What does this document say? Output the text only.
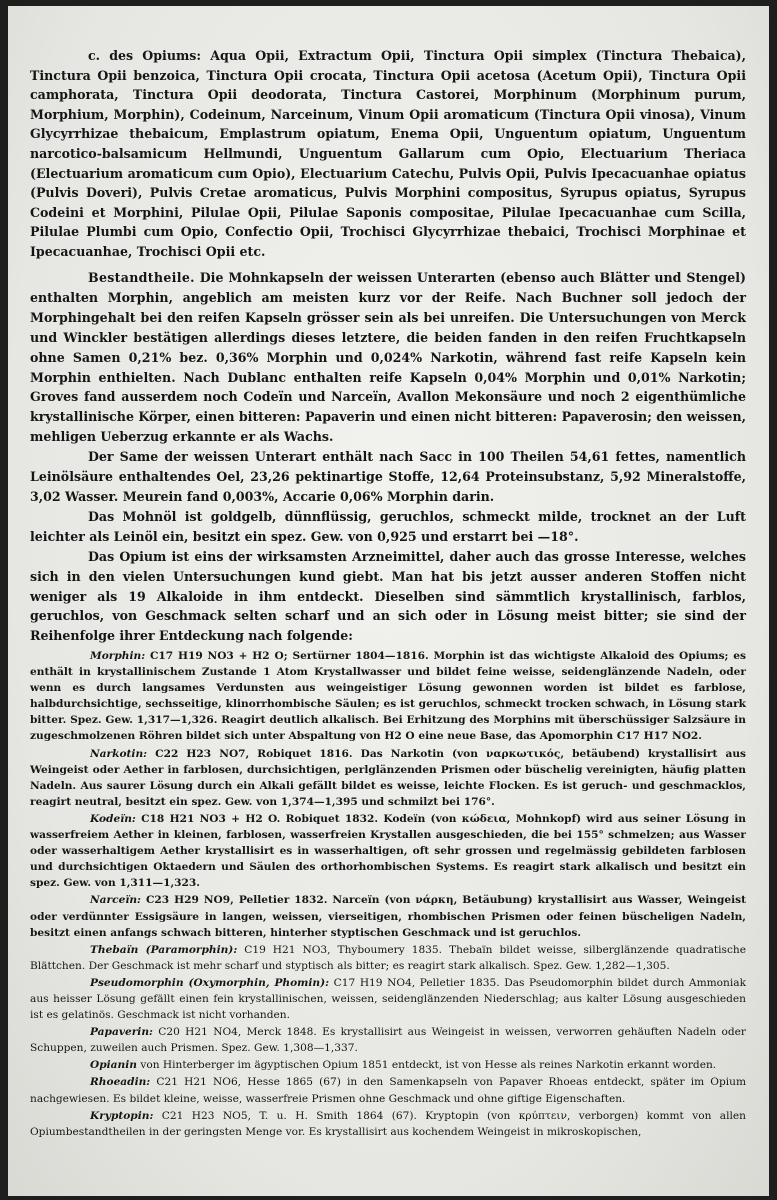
c. des Opiums: Aqua Opii, Extractum Opii, Tinctura Opii simplex (Tinctura Thebaica), Tinctura Opii benzoica, Tinctura Opii crocata, Tinctura Opii acetosa (Acetum Opii), Tinctura Opii camphorata, Tinctura Opii deodorata, Tinctura Castorei, Morphinum (Morphinum purum, Morphium, Morphin), Codeinum, Narceinum, Vinum Opii aromaticum (Tinctura Opii vinosa), Vinum Glycyrrhizae thebaicum, Emplastrum opiatum, Enema Opii, Unguentum opiatum, Unguentum narcotico-balsamicum Hellmundi, Unguentum Gallarum cum Opio, Electuarium Theriaca (Electuarium aromaticum cum Opio), Electuarium Catechu, Pulvis Opii, Pulvis Ipecacuanhae opiatus (Pulvis Doveri), Pulvis Cretae aromaticus, Pulvis Morphini compositus, Syrupus opiatus, Syrupus Codeini et Morphini, Pilulae Opii, Pilulae Saponis compositae, Pilulae Ipecacuanhae cum Scilla, Pilulae Plumbi cum Opio, Confectio Opii, Trochisci Glycyrrhizae thebaici, Trochisci Morphinae et Ipecacuanhae, Trochisci Opii etc.

Bestandtheile. Die Mohnkapseln der weissen Unterarten (ebenso auch Blätter und Stengel) enthalten Morphin, angeblich am meisten kurz vor der Reife. Nach Buchner soll jedoch der Morphingehalt bei den reifen Kapseln grösser sein als bei unreifen. Die Untersuchungen von Merck und Winckler bestätigen allerdings dieses letztere, die beiden fanden in den reifen Fruchtkapseln ohne Samen 0,21% bez. 0,36% Morphin und 0,024% Narkotin, während fast reife Kapseln kein Morphin enthielten. Nach Dublanc enthalten reife Kapseln 0,04% Morphin und 0,01% Narkotin; Groves fand ausserdem noch Codeïn und Narceïn, Avallon Mekonsäure und noch 2 eigenthümliche krystallinische Körper, einen bitteren: Papaverin und einen nicht bitteren: Papaverosin; den weissen, mehligen Ueberzug erkannte er als Wachs.

Der Same der weissen Unterart enthält nach Sacc in 100 Theilen 54,61 fettes, namentlich Leinölsäure enthaltendes Oel, 23,26 pektinartige Stoffe, 12,64 Proteinsubstanz, 5,92 Mineralstoffe, 3,02 Wasser. Meurein fand 0,003%, Accarie 0,06% Morphin darin.

Das Mohnöl ist goldgelb, dünnflüssig, geruchlos, schmeckt milde, trocknet an der Luft leichter als Leinöl ein, besitzt ein spez. Gew. von 0,925 und erstarrt bei —18°.

Das Opium ist eins der wirksamsten Arzneimittel, daher auch das grosse Interesse, welches sich in den vielen Untersuchungen kund giebt. Man hat bis jetzt ausser anderen Stoffen nicht weniger als 19 Alkaloide in ihm entdeckt. Dieselben sind sämmtlich krystallinisch, farblos, geruchlos, von Geschmack selten scharf und an sich oder in Lösung meist bitter; sie sind der Reihenfolge ihrer Entdeckung nach folgende:

Morphin: C17 H19 NO3 + H2 O; Sertürner 1804—1816. Morphin ist das wichtigste Alkaloid des Opiums; es enthält in krystallinischem Zustande 1 Atom Krystallwasser und bildet feine weisse, seidenglänzende Nadeln, oder wenn es durch langsames Verdunsten aus weingeistiger Lösung gewonnen worden ist bildet es farblose, halbdurchsichtige, sechsseitige, klinorrhombische Säulen; es ist geruchlos, schmeckt trocken schwach, in Lösung stark bitter. Spez. Gew. 1,317—1,326. Reagirt deutlich alkalisch. Bei Erhitzung des Morphins mit überschüssiger Salzsäure in zugeschmolzenen Röhren bildet sich unter Abspaltung von H2 O eine neue Base, das Apomorphin C17 H17 NO2.

Narkotin: C22 H23 NO7, Robiquet 1816. Das Narkotin (von ναρκωτικός, betäubend) krystallisirt aus Weingeist oder Aether in farblosen, durchsichtigen, perlglänzenden Prismen oder büschelig vereinigten, häufig platten Nadeln. Aus saurer Lösung durch ein Alkali gefällt bildet es weisse, leichte Flocken. Es ist geruch- und geschmacklos, reagirt neutral, besitzt ein spez. Gew. von 1,374—1,395 und schmilzt bei 176°.

Kodeïn: C18 H21 NO3 + H2 O. Robiquet 1832. Kodeïn (von κώδεια, Mohnkopf) wird aus seiner Lösung in wasserfreiem Aether in kleinen, farblosen, wasserfreien Krystallen ausgeschieden, die bei 155° schmelzen; aus Wasser oder wasserhaltigem Aether krystallisirt es in wasserhaltigen, oft sehr grossen und regelmässig gebildeten farblosen und durchsichtigen Oktaedern und Säulen des orthorhombischen Systems. Es reagirt stark alkalisch und besitzt ein spez. Gew. von 1,311—1,323.

Narceïn: C23 H29 NO9, Pelletier 1832. Narceïn (von νάρκη, Betäubung) krystallisirt aus Wasser, Weingeist oder verdünnter Essigsäure in langen, weissen, vierseitigen, rhombischen Prismen oder feinen büscheligen Nadeln, besitzt einen anfangs schwach bitteren, hinterher styptischen Geschmack und ist geruchlos.

Thebaïn (Paramorphin): C19 H21 NO3, Thyboumery 1835. Thebaïn bildet weisse, silberglänzende quadratische Blättchen. Der Geschmack ist mehr scharf und styptisch als bitter; es reagirt stark alkalisch. Spez. Gew. 1,282—1,305.

Pseudomorphin (Oxymorphin, Phomin): C17 H19 NO4, Pelletier 1835. Das Pseudomorphin bildet durch Ammoniak aus heisser Lösung gefällt einen fein krystallinischen, weissen, seidenglänzenden Niederschlag; aus kalter Lösung ausgeschieden ist es gelatinös. Geschmack ist nicht vorhanden.

Papaverin: C20 H21 NO4, Merck 1848. Es krystallisirt aus Weingeist in weissen, verworren gehäuften Nadeln oder Schuppen, zuweilen auch Prismen. Spez. Gew. 1,308—1,337.

Opianin von Hinterberger im ägyptischen Opium 1851 entdeckt, ist von Hesse als reines Narkotin erkannt worden.

Rhoeadin: C21 H21 NO6, Hesse 1865 (67) in den Samenkapseln von Papaver Rhoeas entdeckt, später im Opium nachgewiesen. Es bildet kleine, weisse, wasserfreie Prismen ohne Geschmack und ohne giftige Eigenschaften.

Kryptopin: C21 H23 NO5, T. u. H. Smith 1864 (67). Kryptopin (von κρύπτειν, verborgen) kommt von allen Opiumbestandtheilen in der geringsten Menge vor. Es krystallisirt aus kochendem Weingeist in mikroskopischen,
